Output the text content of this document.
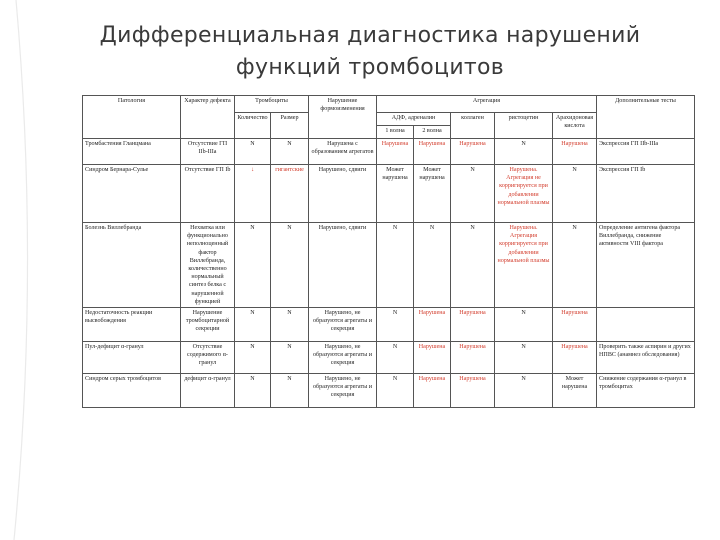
Дифференциальная диагностика нарушений
функций тромбоцитов
Патология	Характер дефекта	Тромбоциты		Нарушение формоизменения	Агрегация					Дополнительные тесты
		Количество	Размер		АДФ, адреналин		коллаген	ристоцетин	Арахидоновая кислота	
					1 волна	2 волна				
Тромбастения Гланцмана	Отсутствие ГП IIb-IIIa	N	N	Нарушена с образованием агрегатов	Нарушена	Нарушена	Нарушена	N	Нарушена	Экспрессия ГП IIb-IIIa
Синдром Бернара-Сулье	Отсутствие ГП Ib	↓	гигантские	Нарушено, сдвиги	Может нарушена	Может нарушена	N	Нарушена. Агрегация не корригируется при добавлении нормальной плазмы	N	Экспрессия ГП Ib
Болезнь Виллебранда	Нехватка или функционально неполноценный фактор Виллебранда, количественно нормальный синтез белка с нарушенной функцией	N	N	Нарушено, сдвиги	N	N	N	Нарушена. Агрегация корригируется при добавлении нормальной плазмы	N	Определение антигена фактора Виллебранда, снижение активности VIII фактора
Недостаточность реакции высвобождения	Нарушение тромбоцитарной секреции	N	N	Нарушено, не образуются агрегаты и секреция	N	Нарушена	Нарушена	N	Нарушена	
Пул-дефицит α-гранул	Отсутствие содержимого α-гранул	N	N	Нарушено, не образуются агрегаты и секреция	N	Нарушена	Нарушена	N	Нарушена	Проверить также аспирин и других НПВС (анамнез обследования)
Синдром серых тромбоцитов	дефицит α-гранул	N	N	Нарушено, не образуются агрегаты и секреция	N	Нарушена	Нарушена	N	Может нарушена	Снижение содержания α-гранул в тромбоцитах
